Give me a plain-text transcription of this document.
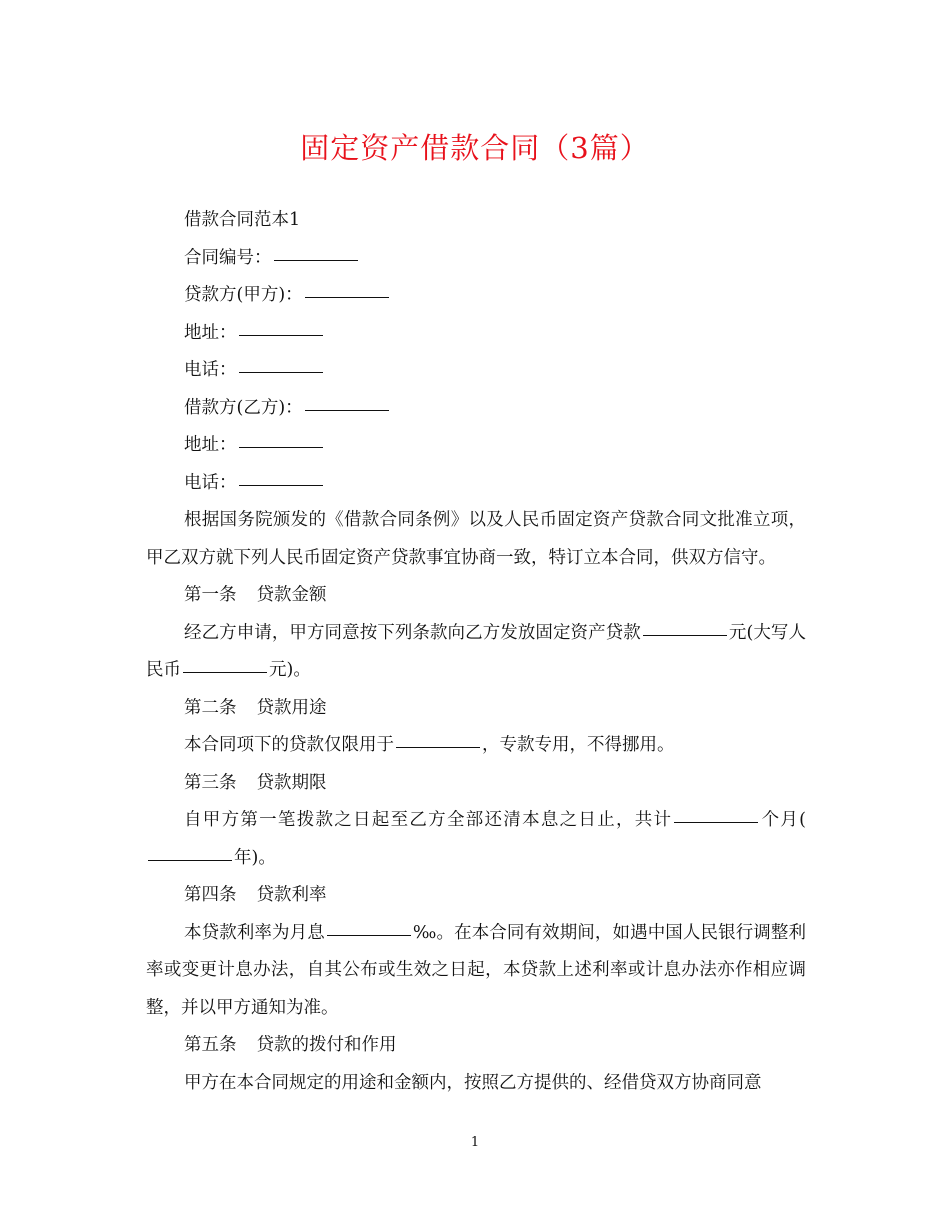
固定资产借款合同（3篇）

借款合同范本1

合同编号：

贷款方(甲方)：

地址：

电话：

借款方(乙方)：

地址：

电话：

根据国务院颁发的《借款合同条例》以及人民币固定资产贷款合同文批准立项，甲乙双方就下列人民币固定资产贷款事宜协商一致，特订立本合同，供双方信守。

第一条 贷款金额

经乙方申请，甲方同意按下列条款向乙方发放固定资产贷款	元(大写人民币	元)。

第二条 贷款用途

本合同项下的贷款仅限用于	，专款专用，不得挪用。

第三条 贷款期限

自甲方第一笔拨款之日起至乙方全部还清本息之日止，共计	个月(年)。

第四条 贷款利率

本贷款利率为月息	‰。在本合同有效期间，如遇中国人民银行调整利率或变更计息办法，自其公布或生效之日起，本贷款上述利率或计息办法亦作相应调整，并以甲方通知为准。

第五条 贷款的拨付和作用

甲方在本合同规定的用途和金额内，按照乙方提供的、经借贷双方协商同意

1
